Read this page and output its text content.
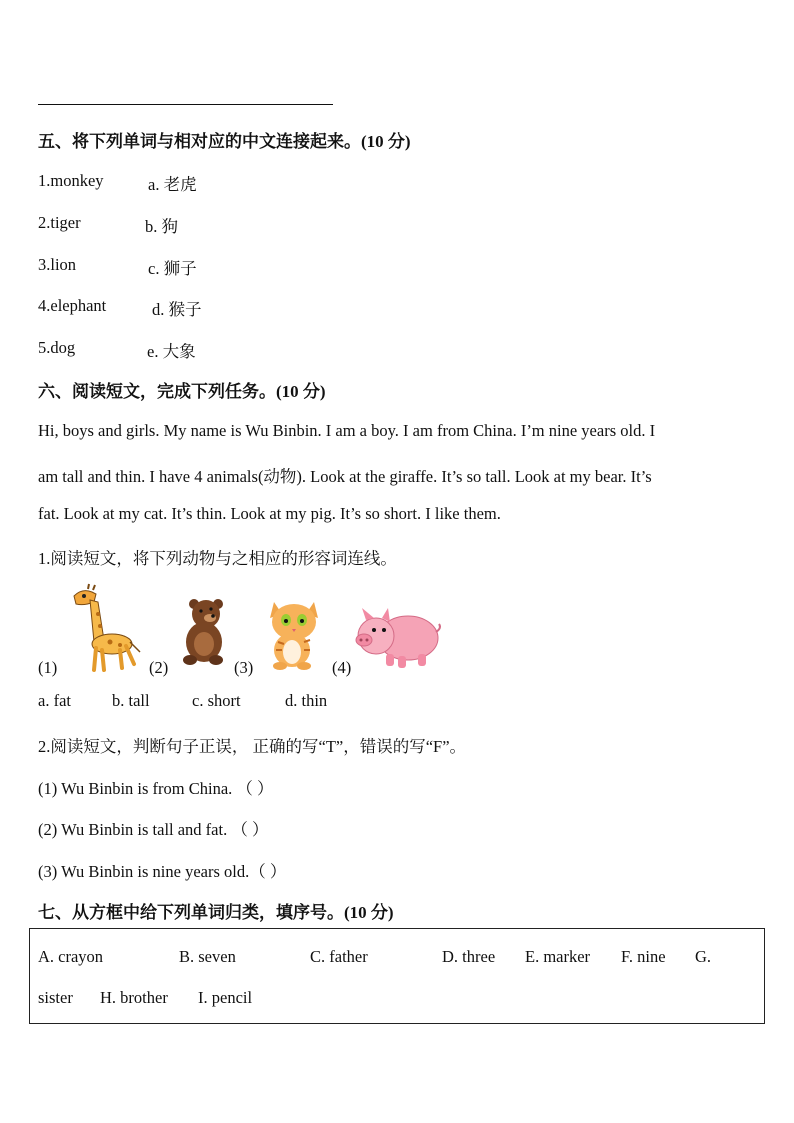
五、将下列单词与相对应的中文连接起来。(10 分)
1.monkey	a. 老虎
2.tiger	b. 狗
3.lion	c. 狮子
4.elephant	d. 猴子
5.dog	e. 大象
六、阅读短文，完成下列任务。(10 分)
Hi, boys and girls. My name is Wu Binbin. I am a boy. I am from China. I’m nine years old. I
am tall and thin. I have 4 animals(动物). Look at the giraffe. It’s so tall. Look at my bear. It’s
fat. Look at my cat. It’s thin. Look at my pig. It’s so short. I like them.
1.阅读短文，将下列动物与之相应的形容词连线。
(1)	(2)	(3)	(4)
a. fat b. tall	c. short	d. thin
2.阅读短文，判断句子正误， 正确的写“T”，错误的写“F”。
(1) Wu Binbin is from China. （ ）
(2) Wu Binbin is tall and fat. （ ）
(3) Wu Binbin is nine years old.（ ）
七、从方框中给下列单词归类，填序号。(10 分)
A. crayon	B. seven	C. father	D. three E. marker F. nine G.
sister H. brother I. pencil
